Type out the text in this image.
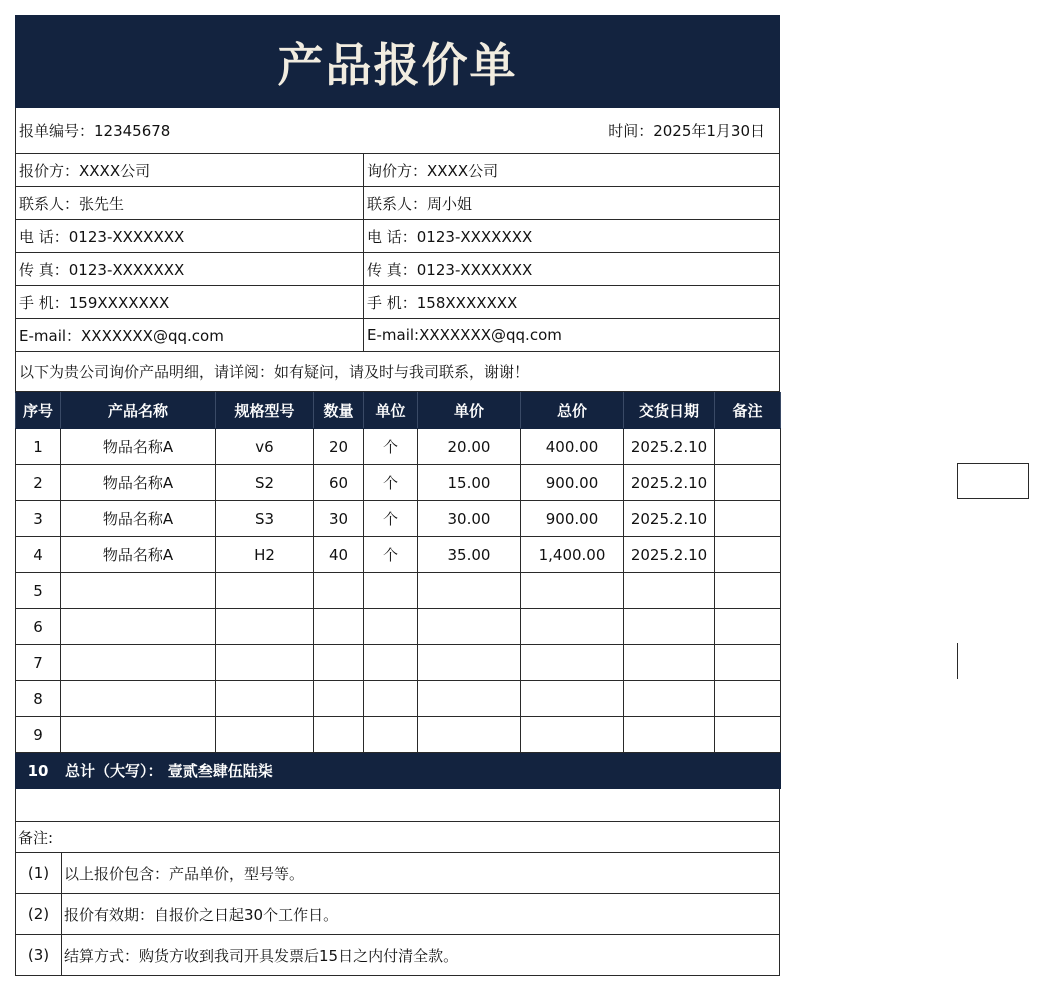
产品报价单
报单编号：12345678	时间：2025年1月30日
报价方：XXXX公司	询价方：XXXX公司
联系人：张先生	联系人：周小姐
电 话：0123-XXXXXXX	电 话：0123-XXXXXXX
传 真：0123-XXXXXXX	传 真：0123-XXXXXXX
手 机：159XXXXXXX	手 机：158XXXXXXX
E-mail：XXXXXXX@qq.com	E-mail:XXXXXXX@qq.com
以下为贵公司询价产品明细，请详阅：如有疑问，请及时与我司联系，谢谢！
序号	产品名称	规格型号	数量	单位	单价	总价	交货日期	备注
1	物品名称A	v6	20	个	20.00	400.00	2025.2.10	
2	物品名称A	S2	60	个	15.00	900.00	2025.2.10	
3	物品名称A	S3	30	个	30.00	900.00	2025.2.10	
4	物品名称A	H2	40	个	35.00	1,400.00	2025.2.10	
5								
6								
7								
8								
9								
10	总计（大写）： 壹贰叁肆伍陆柒							
备注:
(1) 以上报价包含：产品单价，型号等。
(2) 报价有效期：自报价之日起30个工作日。
(3) 结算方式：购货方收到我司开具发票后15日之内付清全款。
